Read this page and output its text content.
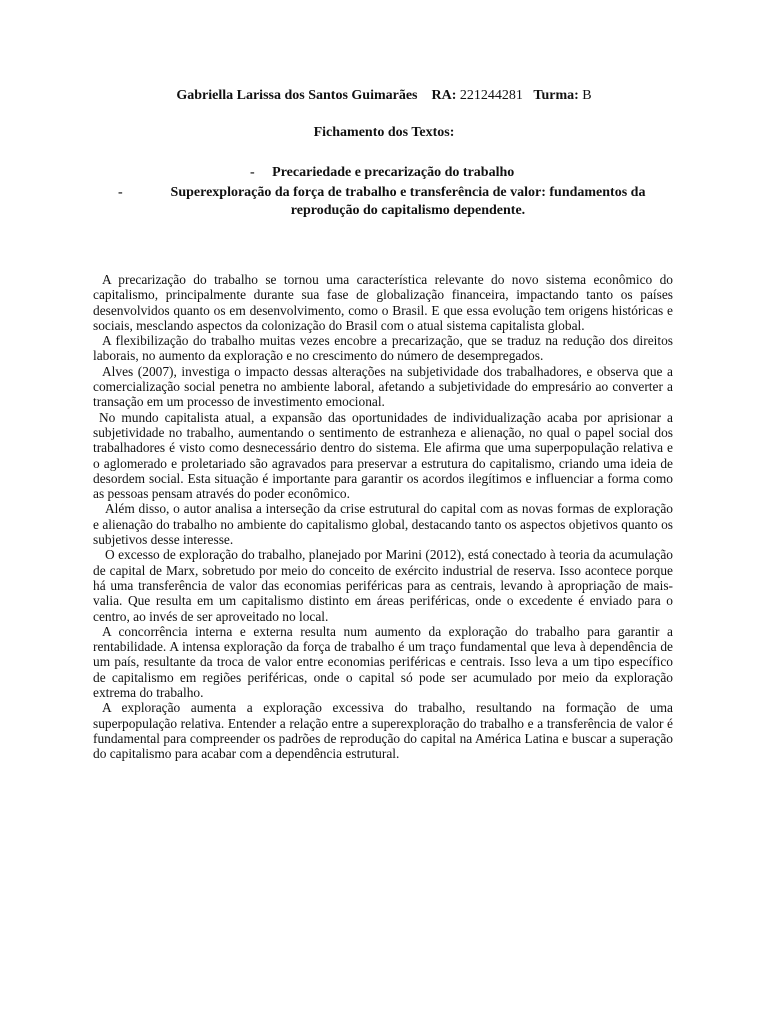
Gabriella Larissa dos Santos Guimarães RA: 221244281 Turma: B
Fichamento dos Textos:
- Precariedade e precarização do trabalho
-	Superexploração da força de trabalho e transferência de valor: fundamentos da reprodução do capitalismo dependente.

A precarização do trabalho se tornou uma característica relevante do novo sistema econômico do capitalismo, principalmente durante sua fase de globalização financeira, impactando tanto os países desenvolvidos quanto os em desenvolvimento, como o Brasil. E que essa evolução tem origens históricas e sociais, mesclando aspectos da colonização do Brasil com o atual sistema capitalista global.

A flexibilização do trabalho muitas vezes encobre a precarização, que se traduz na redução dos direitos laborais, no aumento da exploração e no crescimento do número de desempregados.

Alves (2007), investiga o impacto dessas alterações na subjetividade dos trabalhadores, e observa que a comercialização social penetra no ambiente laboral, afetando a subjetividade do empresário ao converter a transação em um processo de investimento emocional.

No mundo capitalista atual, a expansão das oportunidades de individualização acaba por aprisionar a subjetividade no trabalho, aumentando o sentimento de estranheza e alienação, no qual o papel social dos trabalhadores é visto como desnecessário dentro do sistema. Ele afirma que uma superpopulação relativa e o aglomerado e proletariado são agravados para preservar a estrutura do capitalismo, criando uma ideia de desordem social. Esta situação é importante para garantir os acordos ilegítimos e influenciar a forma como as pessoas pensam através do poder econômico.

Além disso, o autor analisa a interseção da crise estrutural do capital com as novas formas de exploração e alienação do trabalho no ambiente do capitalismo global, destacando tanto os aspectos objetivos quanto os subjetivos desse interesse.

O excesso de exploração do trabalho, planejado por Marini (2012), está conectado à teoria da acumulação de capital de Marx, sobretudo por meio do conceito de exército industrial de reserva. Isso acontece porque há uma transferência de valor das economias periféricas para as centrais, levando à apropriação de mais-valia. Que resulta em um capitalismo distinto em áreas periféricas, onde o excedente é enviado para o centro, ao invés de ser aproveitado no local.

A concorrência interna e externa resulta num aumento da exploração do trabalho para garantir a rentabilidade. A intensa exploração da força de trabalho é um traço fundamental que leva à dependência de um país, resultante da troca de valor entre economias periféricas e centrais. Isso leva a um tipo específico de capitalismo em regiões periféricas, onde o capital só pode ser acumulado por meio da exploração extrema do trabalho.

A exploração aumenta a exploração excessiva do trabalho, resultando na formação de uma superpopulação relativa. Entender a relação entre a superexploração do trabalho e a transferência de valor é fundamental para compreender os padrões de reprodução do capital na América Latina e buscar a superação do capitalismo para acabar com a dependência estrutural.
